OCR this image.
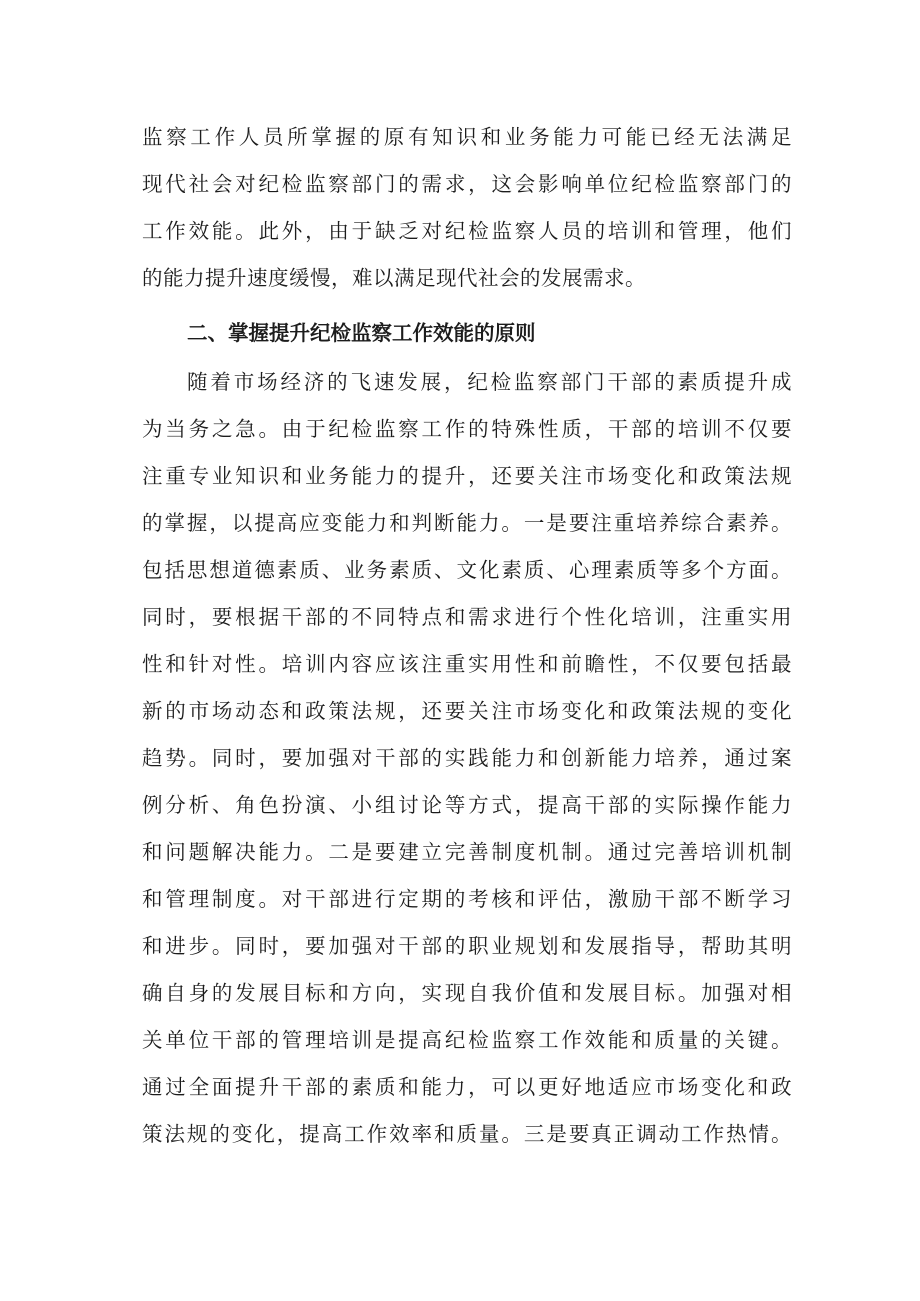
监察工作人员所掌握的原有知识和业务能力可能已经无法满足
现代社会对纪检监察部门的需求，这会影响单位纪检监察部门的
工作效能。此外，由于缺乏对纪检监察人员的培训和管理，他们
的能力提升速度缓慢，难以满足现代社会的发展需求。
二、掌握提升纪检监察工作效能的原则
随着市场经济的飞速发展，纪检监察部门干部的素质提升成
为当务之急。由于纪检监察工作的特殊性质，干部的培训不仅要
注重专业知识和业务能力的提升，还要关注市场变化和政策法规
的掌握，以提高应变能力和判断能力。一是要注重培养综合素养。
包括思想道德素质、业务素质、文化素质、心理素质等多个方面。
同时，要根据干部的不同特点和需求进行个性化培训，注重实用
性和针对性。培训内容应该注重实用性和前瞻性，不仅要包括最
新的市场动态和政策法规，还要关注市场变化和政策法规的变化
趋势。同时，要加强对干部的实践能力和创新能力培养，通过案
例分析、角色扮演、小组讨论等方式，提高干部的实际操作能力
和问题解决能力。二是要建立完善制度机制。通过完善培训机制
和管理制度。对干部进行定期的考核和评估，激励干部不断学习
和进步。同时，要加强对干部的职业规划和发展指导，帮助其明
确自身的发展目标和方向，实现自我价值和发展目标。加强对相
关单位干部的管理培训是提高纪检监察工作效能和质量的关键。
通过全面提升干部的素质和能力，可以更好地适应市场变化和政
策法规的变化，提高工作效率和质量。三是要真正调动工作热情。
